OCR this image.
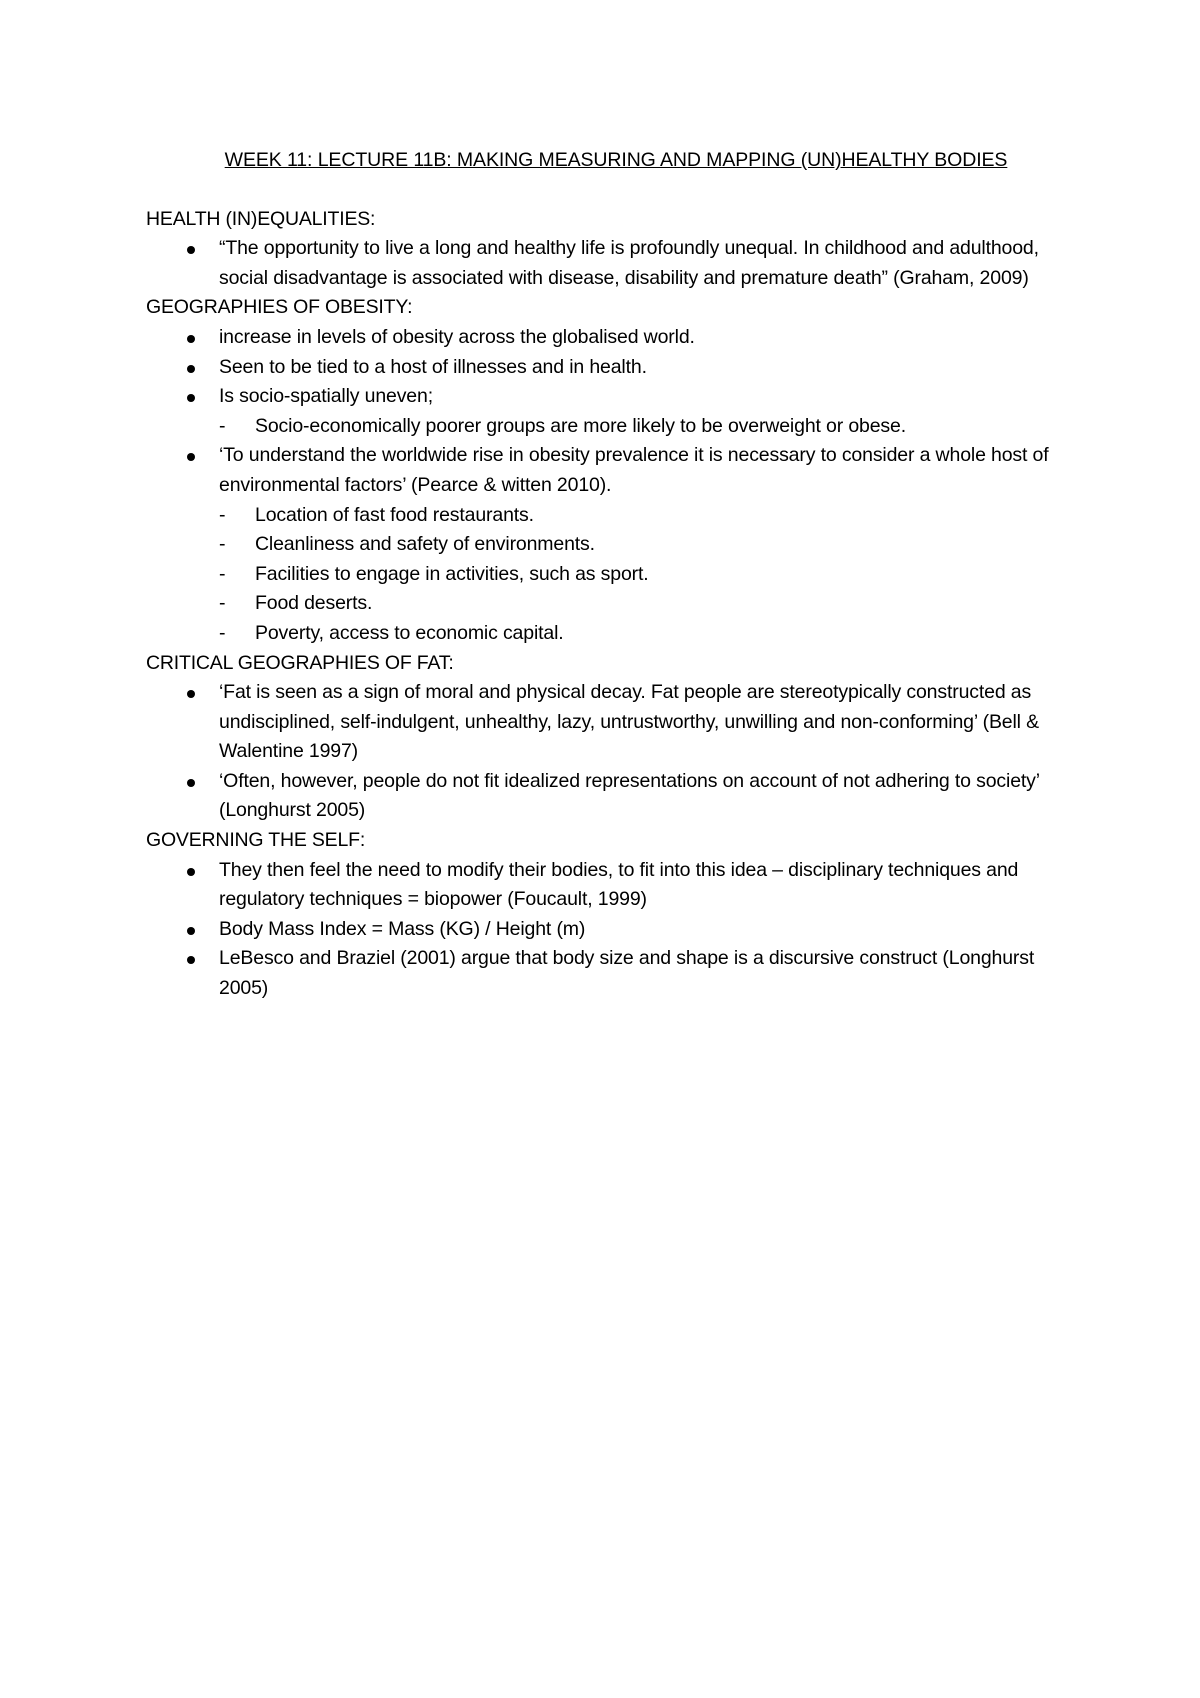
WEEK 11: LECTURE 11B: MAKING MEASURING AND MAPPING (UN)HEALTHY BODIES
HEALTH (IN)EQUALITIES:
“The opportunity to live a long and healthy life is profoundly unequal. In childhood and adulthood, social disadvantage is associated with disease, disability and premature death” (Graham, 2009)
GEOGRAPHIES OF OBESITY:
increase in levels of obesity across the globalised world.
Seen to be tied to a host of illnesses and in health.
Is socio-spatially uneven;
- Socio-economically poorer groups are more likely to be overweight or obese.
‘To understand the worldwide rise in obesity prevalence it is necessary to consider a whole host of environmental factors’ (Pearce & witten 2010).
- Location of fast food restaurants.
- Cleanliness and safety of environments.
- Facilities to engage in activities, such as sport.
- Food deserts.
- Poverty, access to economic capital.
CRITICAL GEOGRAPHIES OF FAT:
‘Fat is seen as a sign of moral and physical decay. Fat people are stereotypically constructed as undisciplined, self-indulgent, unhealthy, lazy, untrustworthy, unwilling and non-conforming’ (Bell & Walentine 1997)
‘Often, however, people do not fit idealized representations on account of not adhering to society’ (Longhurst 2005)
GOVERNING THE SELF:
They then feel the need to modify their bodies, to fit into this idea – disciplinary techniques and regulatory techniques = biopower (Foucault, 1999)
Body Mass Index = Mass (KG) / Height (m)
LeBesco and Braziel (2001) argue that body size and shape is a discursive construct (Longhurst 2005)
